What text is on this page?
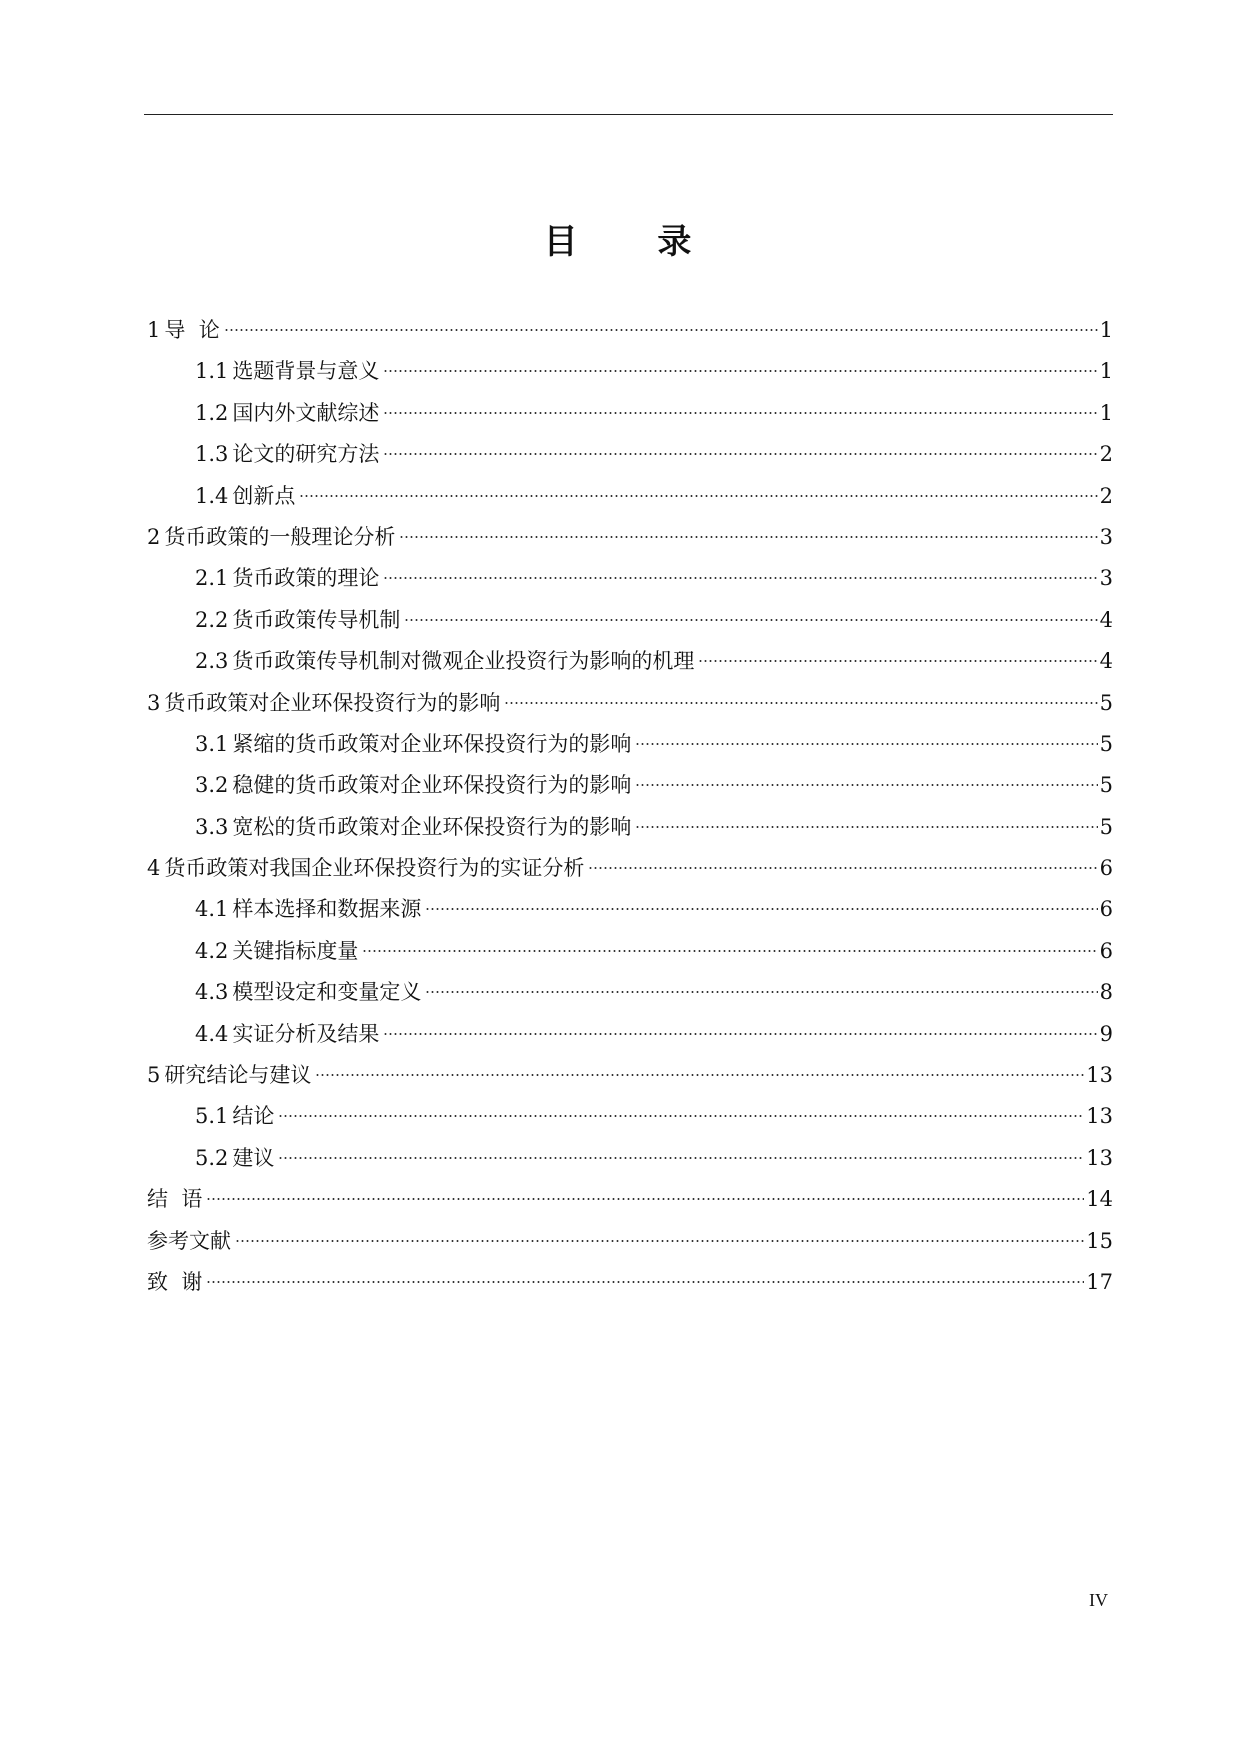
目 录
1 导  论	1
1.1 选题背景与意义	1
1.2 国内外文献综述	1
1.3 论文的研究方法	2
1.4 创新点	2
2 货币政策的一般理论分析	3
2.1 货币政策的理论	3
2.2 货币政策传导机制	4
2.3 货币政策传导机制对微观企业投资行为影响的机理	4
3 货币政策对企业环保投资行为的影响	5
3.1 紧缩的货币政策对企业环保投资行为的影响	5
3.2 稳健的货币政策对企业环保投资行为的影响	5
3.3 宽松的货币政策对企业环保投资行为的影响	5
4 货币政策对我国企业环保投资行为的实证分析	6
4.1 样本选择和数据来源	6
4.2 关键指标度量	6
4.3 模型设定和变量定义	8
4.4 实证分析及结果	9
5 研究结论与建议	13
5.1 结论	13
5.2 建议	13
结  语	14
参考文献	15
致  谢	17
IV
